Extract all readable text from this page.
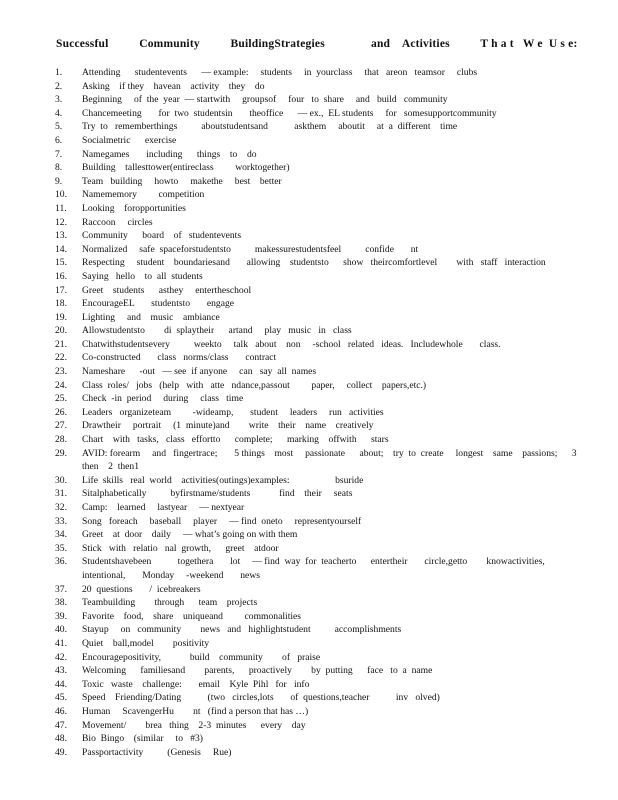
Successful          Community          BuildingStrategies               and    Activities          T h a t   W e  U s e:
1.	Attending      studentevents      — example:     students     in  yourclass     that   areon   teamsor     clubs
2.	Asking    if they    havean    activity    they    do
3.	Beginning     of  the  year  — startwith     groupsof     four   to  share     and   build   community
4.	Chancemeeting       for  two  studentsin       theoffice      — ex.,  EL students     for   somesupportcommunity
5.	Try  to   rememberthings          aboutstudentsand           askthem     aboutit     at  a  different    time
6.	Socialmetric      exercise
7.	Namegames       including      things    to    do
8.	Building    tallesttower(entireclass         worktogether)
9.	Team   building     howto     makethe     best    better
10.	Namememory         competition
11.	Looking    foropportunities
12.	Raccoon     circles
13.	Community      board    of   studentevents
14.	Normalized     safe  spaceforstudentsto          makessurestudentsfeel          confide       nt
15.	Respecting     student    boundariesand       allowing    studentsto      show   theircomfortlevel        with   staff   interaction
16.	Saying   hello    to  all  students
17.	Greet    students      asthey     entertheschool
18.	EncourageEL       studentsto       engage
19.	Lighting     and    music    ambiance
20.	Allowstudentsto        di  splaytheir      artand     play   music   in   class
21.	Chatwithstudentsevery          weekto     talk   about    non     -school   related   ideas.   Includewhole       class.
22.	Co-constructed       class   norms/class       contract
23.	Nameshare      -out   — see  if anyone     can   say  all  names
24.	Class  roles/   jobs   (help   with   atte   ndance,passout         paper,     collect    papers,etc.)
25.	Check  -in  period     during     class   time
26.	Leaders   organizeteam         -wideamp,       student     leaders     run   activities
27.	Drawtheir     portrait     (1  minute)and        write    their    name    creatively
28.	Chart    with   tasks,   class   effortto      complete;      marking    offwith      stars
29.	AVID: forearm     and   fingertrace;       5 things    most     passionate      about;    try  to  create     longest    same    passions;      3
then    2  then1
30.	Life  skills   real  world    activities(outings)examples:                   bsuride
31.	Sitalphabetically          byfirstname/students            find    their     seats
32.	Camp:    learned     lastyear     — nextyear
33.	Song   foreach     baseball     player     — find  oneto     representyourself
34.	Greet    at  door    daily     — what’s going on with them
35.	Stick   with   relatio   nal  growth,      greet    atdoor
36.	Studentshavebeen           togethera       lot     — find  way  for  teacherto      entertheir       circle,getto        knowactivities,
intentional,       Monday     -weekend       news
37.	20  questions       /  icebreakers
38.	Teambuilding        through      team    projects
39.	Favorite    food,    share    uniqueand         commonalities
40.	Stayup     on   community        news   and   highlightstudent          accomplishments
41.	Quiet    ball,model        positivity
42.	Encouragepositivity,            build    community        of   praise
43.	Welcoming      familiesand        parents,      proactively        by  putting      face   to  a  name
44.	Toxic   waste    challenge:       email    Kyle  Pihl   for   info
45.	Speed    Friending/Dating           (two   circles,lots       of  questions,teacher           inv   olved)
46.	Human     ScavengerHu        nt   (find a person that has …)
47.	Movement/        brea   thing    2-3  minutes      every    day
48.	Bio  Bingo    (similar     to   #3)
49.	Passportactivity          (Genesis     Rue)
